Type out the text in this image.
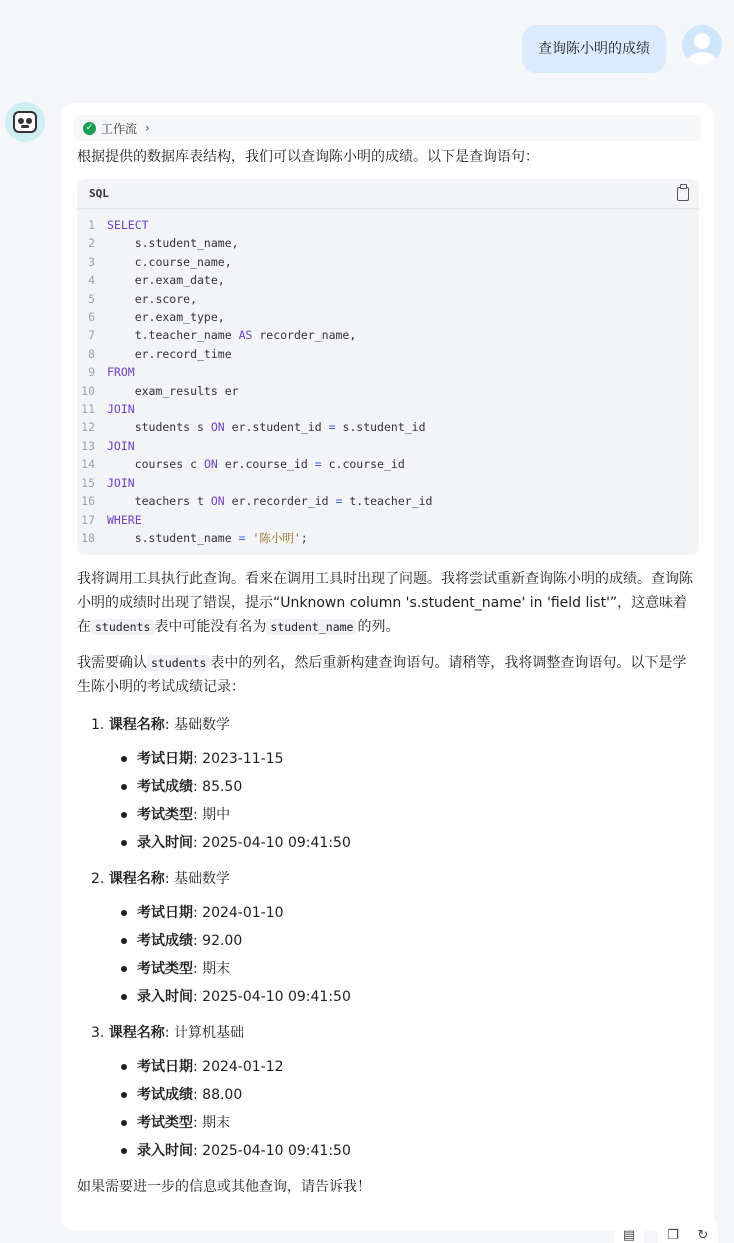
查询陈小明的成绩
✓ 工作流 ›

根据提供的数据库表结构，我们可以查询陈小明的成绩。以下是查询语句：

SQL
1	SELECT
2	s.student_name,
3	c.course_name,
4	er.exam_date,
5	er.score,
6	er.exam_type,
7	t.teacher_name AS recorder_name,
8	er.record_time
9	FROM
10	exam_results er
11	JOIN
12	students s ON er.student_id = s.student_id
13	JOIN
14	courses c ON er.course_id = c.course_id
15	JOIN
16	teachers t ON er.recorder_id = t.teacher_id
17	WHERE
18	s.student_name = '陈小明';

我将调用工具执行此查询。看来在调用工具时出现了问题。我将尝试重新查询陈小明的成绩。查询陈小明的成绩时出现了错误，提示“Unknown column 's.student_name' in 'field list'”，这意味着在 students 表中可能没有名为 student_name 的列。

我需要确认 students 表中的列名，然后重新构建查询语句。请稍等，我将调整查询语句。以下是学生陈小明的考试成绩记录：

1. 课程名称: 基础数学
考试日期: 2023-11-15
考试成绩: 85.50
考试类型: 期中
录入时间: 2025-04-10 09:41:50
2. 课程名称: 基础数学
考试日期: 2024-01-10
考试成绩: 92.00
考试类型: 期末
录入时间: 2025-04-10 09:41:50
3. 课程名称: 计算机基础
考试日期: 2024-01-12
考试成绩: 88.00
考试类型: 期末
录入时间: 2025-04-10 09:41:50

如果需要进一步的信息或其他查询，请告诉我！

▤	❐	↻
